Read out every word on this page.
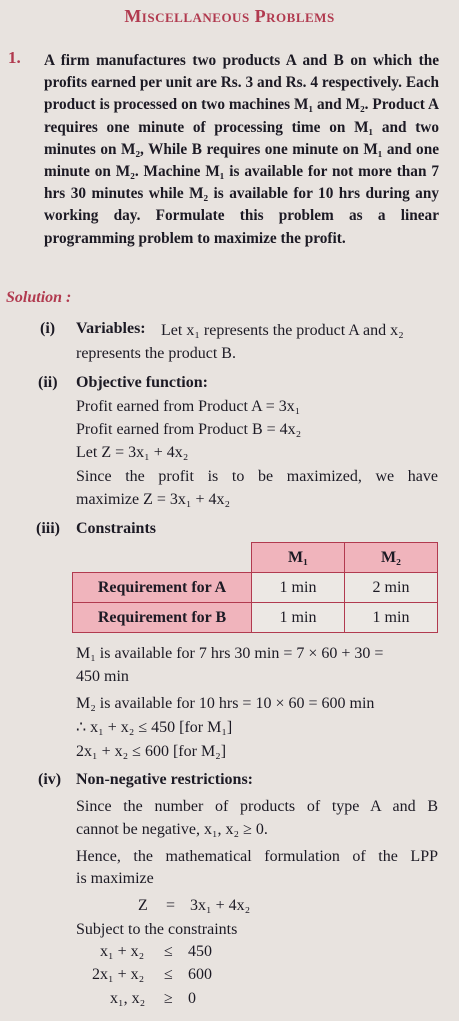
Miscellaneous Problems
1. A firm manufactures two products A and B on which the profits earned per unit are Rs. 3 and Rs. 4 respectively. Each product is processed on two machines M₁ and M₂. Product A requires one minute of processing time on M₁ and two minutes on M₂, While B requires one minute on M₁ and one minute on M₂. Machine M₁ is available for not more than 7 hrs 30 minutes while M₂ is available for 10 hrs during any working day. Formulate this problem as a linear programming problem to maximize the profit.
Solution :
(i) Variables: Let x₁ represents the product A and x₂
represents the product B.
(ii) Objective function:
Profit earned from Product A = 3x₁
Profit earned from Product B = 4x₂
Let Z = 3x₁ + 4x₂
Since the profit is to be maximized, we have
maximize Z = 3x₁ + 4x₂
(iii) Constraints
	M₁	M₂
Requirement for A	1 min	2 min
Requirement for B	1 min	1 min
M₁ is available for 7 hrs 30 min = 7 × 60 + 30 =
450 min
M₂ is available for 10 hrs = 10 × 60 = 600 min
∴ x₁ + x₂ ≤ 450 [for M₁]
2x₁ + x₂ ≤ 600 [for M₂]
(iv) Non-negative restrictions:
Since the number of products of type A and B
cannot be negative, x₁, x₂ ≥ 0.
Hence, the mathematical formulation of the LPP
is maximize
Z = 3x₁ + 4x₂
Subject to the constraints
x₁ + x₂ ≤ 450
2x₁ + x₂ ≤ 600
x₁, x₂ ≥ 0
